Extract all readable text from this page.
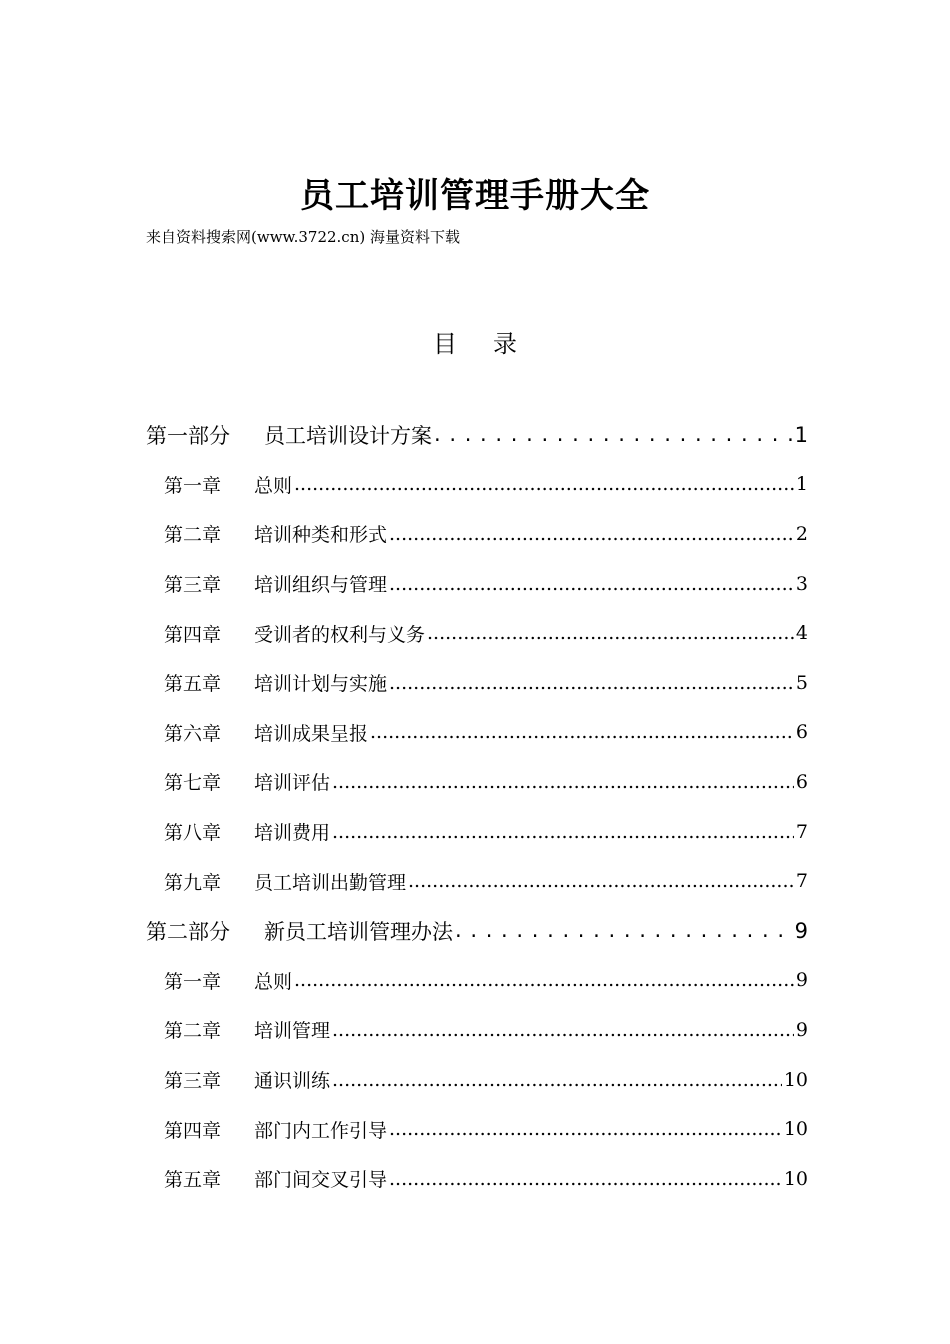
员工培训管理手册大全
来自资料搜索网(www.3722.cn) 海量资料下载
目 录
第一部分	员工培训设计方案 . . .	1
第一章	总则 .....	1
第二章	培训种类和形式 .....	2
第三章	培训组织与管理 .....	3
第四章	受训者的权利与义务 .....	4
第五章	培训计划与实施 .....	5
第六章	培训成果呈报 .....	6
第七章	培训评估 .....	6
第八章	培训费用 .....	7
第九章	员工培训出勤管理 .....	7
第二部分	新员工培训管理办法 . . .	9
第一章	总则 .....	9
第二章	培训管理 .....	9
第三章	通识训练 .....	10
第四章	部门内工作引导 .....	10
第五章	部门间交叉引导 .....	10
